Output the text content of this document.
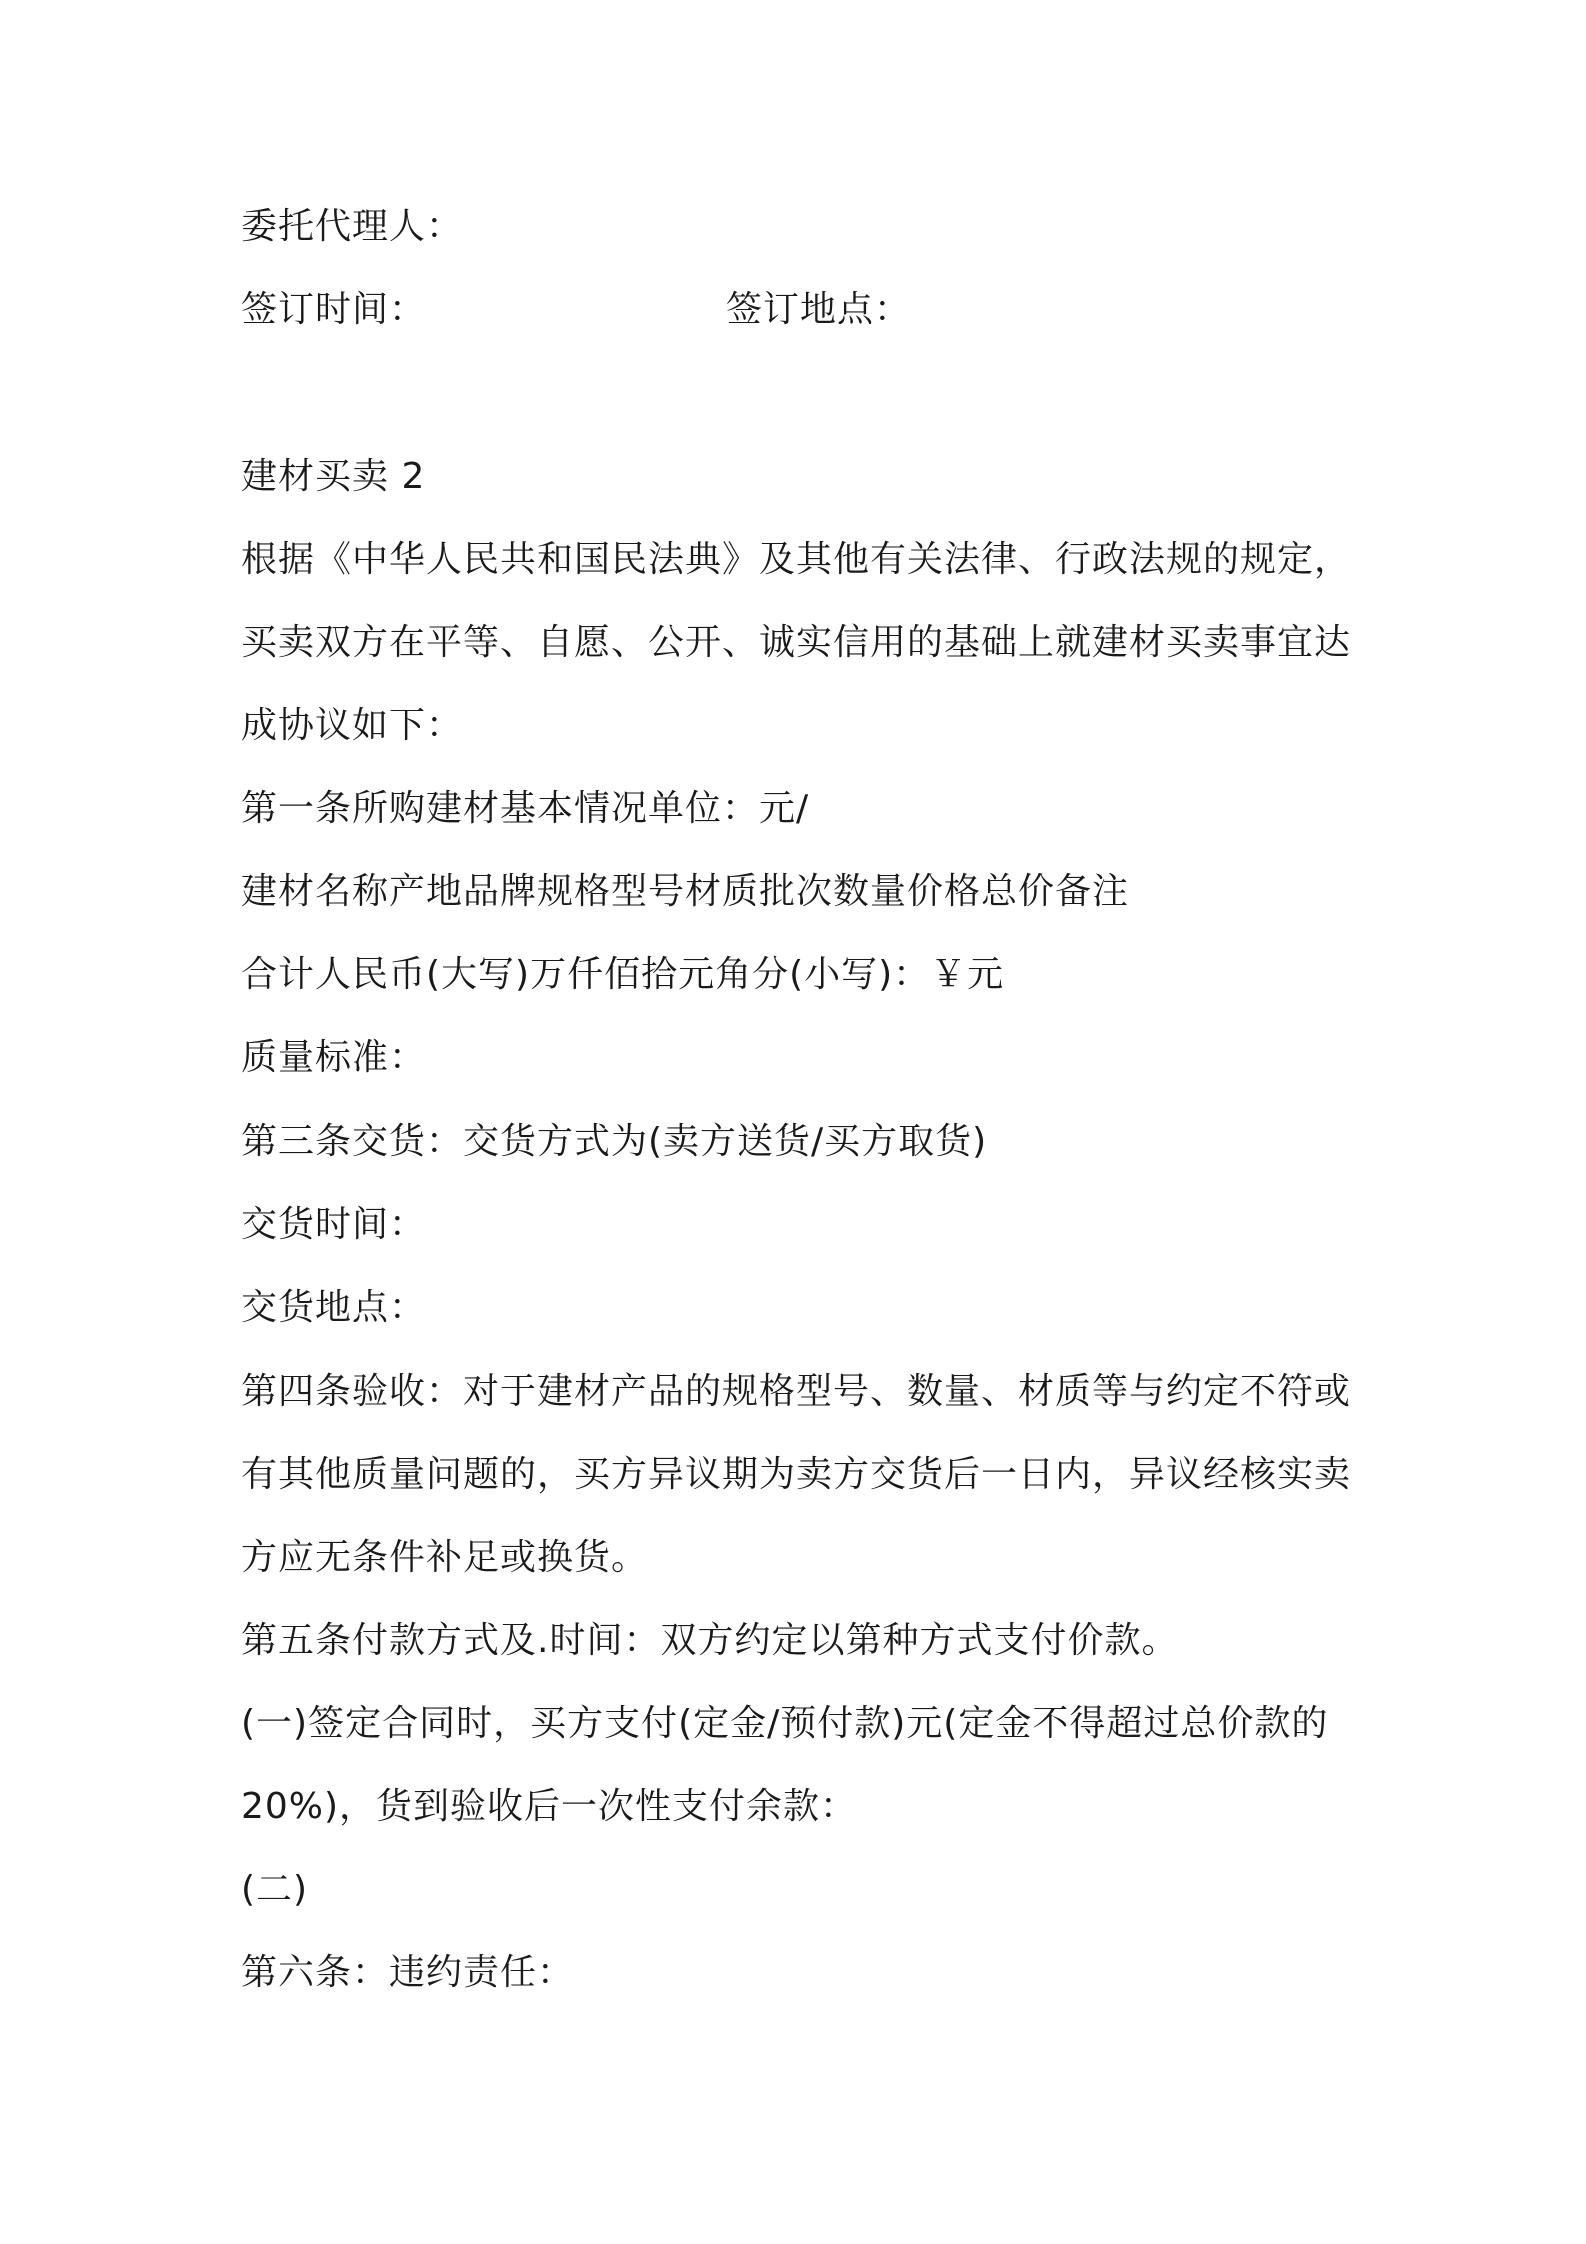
委托代理人：
签订时间：	签订地点：
建材买卖 2
根据《中华人民共和国民法典》及其他有关法律、行政法规的规定，
买卖双方在平等、自愿、公开、诚实信用的基础上就建材买卖事宜达
成协议如下：
第一条所购建材基本情况单位：元/
建材名称产地品牌规格型号材质批次数量价格总价备注
合计人民币(大写)万仟佰拾元角分(小写)：￥元
质量标准：
第三条交货：交货方式为(卖方送货/买方取货)
交货时间：
交货地点：
第四条验收：对于建材产品的规格型号、数量、材质等与约定不符或
有其他质量问题的，买方异议期为卖方交货后一日内，异议经核实卖
方应无条件补足或换货。
第五条付款方式及.时间：双方约定以第种方式支付价款。
(一)签定合同时，买方支付(定金/预付款)元(定金不得超过总价款的
20%)，货到验收后一次性支付余款：
(二)
第六条：违约责任：
